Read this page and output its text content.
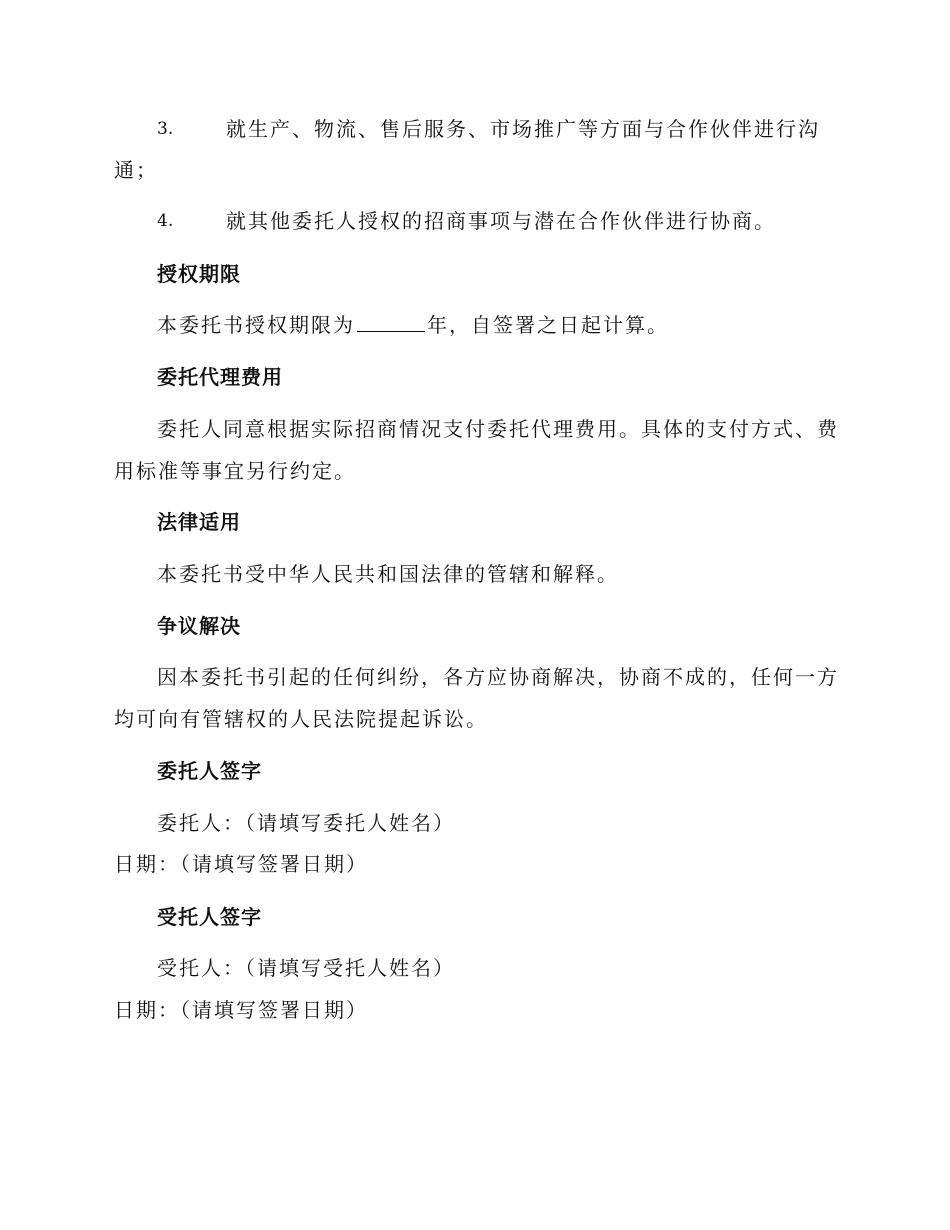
3.	就生产、物流、售后服务、市场推广等方面与合作伙伴进行沟
通；
4.	就其他委托人授权的招商事项与潜在合作伙伴进行协商。
授权期限
本委托书授权期限为	年，自签署之日起计算。
委托代理费用
委托人同意根据实际招商情况支付委托代理费用。具体的支付方式、费
用标准等事宜另行约定。
法律适用
本委托书受中华人民共和国法律的管辖和解释。
争议解决
因本委托书引起的任何纠纷，各方应协商解决，协商不成的，任何一方
均可向有管辖权的人民法院提起诉讼。
委托人签字
委托人：（请填写委托人姓名）
日期：（请填写签署日期）
受托人签字
受托人：（请填写受托人姓名）
日期：（请填写签署日期）
